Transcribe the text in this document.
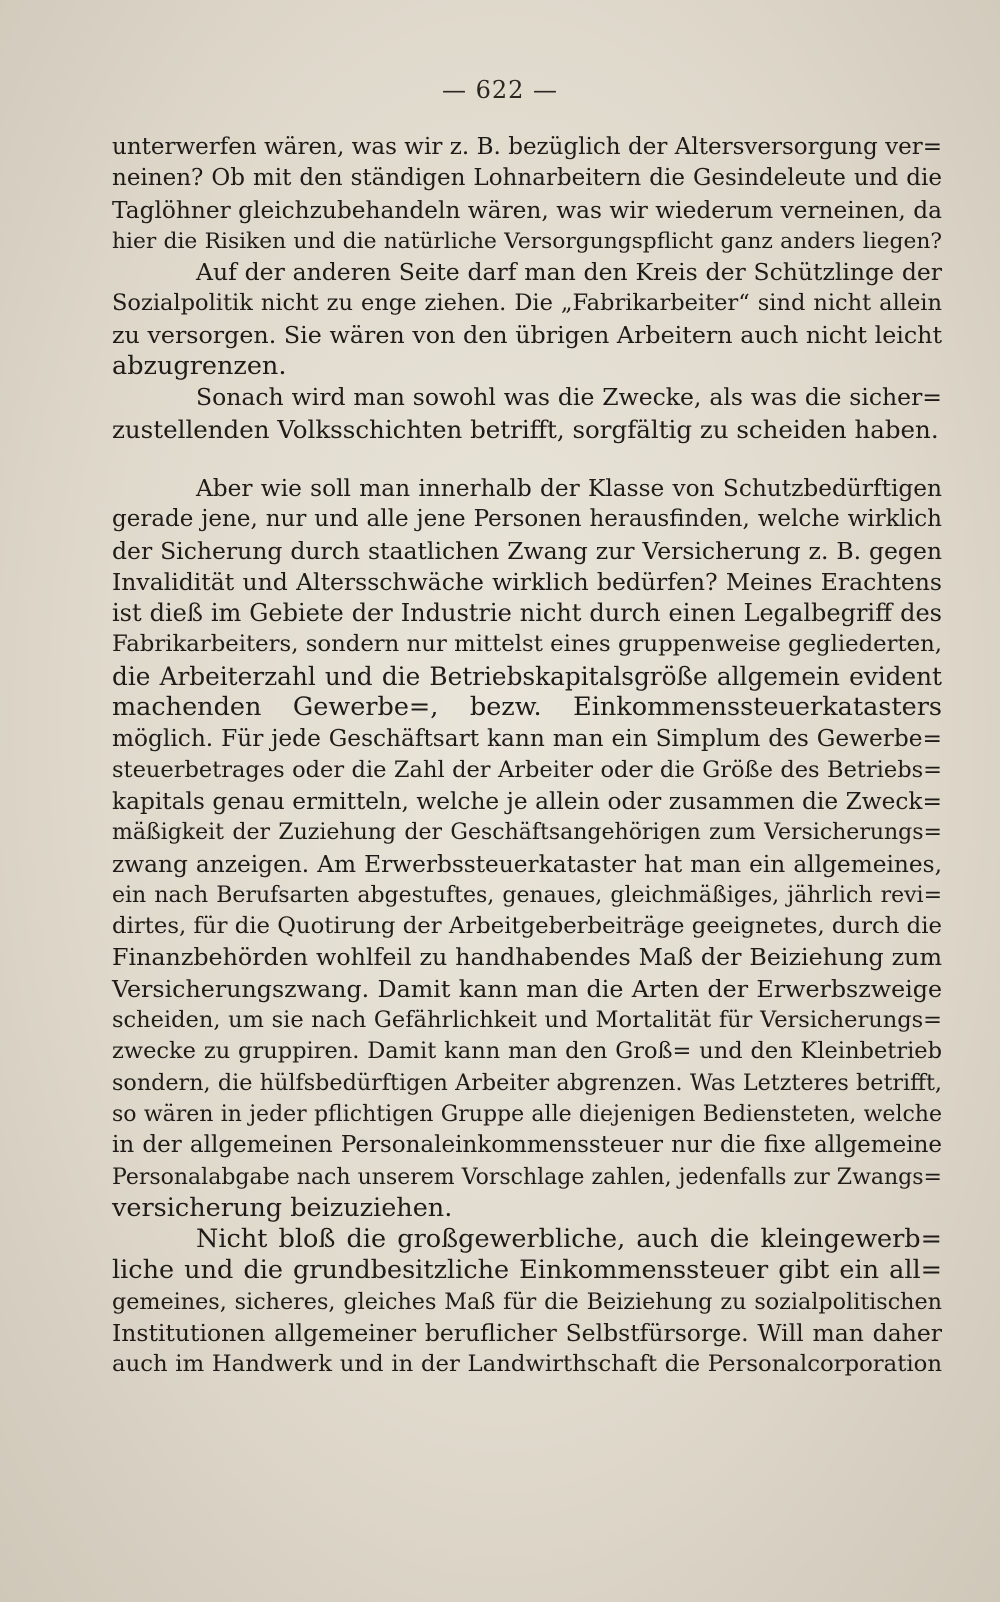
— 622 —
unterwerfen wären, was wir z. B. bezüglich der Altersversorgung ver=
neinen? Ob mit den ständigen Lohnarbeitern die Gesindeleute und die
Taglöhner gleichzubehandeln wären, was wir wiederum verneinen, da
hier die Risiken und die natürliche Versorgungspflicht ganz anders liegen?
Auf der anderen Seite darf man den Kreis der Schützlinge der
Sozialpolitik nicht zu enge ziehen. Die „Fabrikarbeiter“ sind nicht allein
zu versorgen. Sie wären von den übrigen Arbeitern auch nicht leicht
abzugrenzen.
Sonach wird man sowohl was die Zwecke, als was die sicher=
zustellenden Volksschichten betrifft, sorgfältig zu scheiden haben.
Aber wie soll man innerhalb der Klasse von Schutzbedürftigen
gerade jene, nur und alle jene Personen herausfinden, welche wirklich
der Sicherung durch staatlichen Zwang zur Versicherung z. B. gegen
Invalidität und Altersschwäche wirklich bedürfen? Meines Erachtens
ist dieß im Gebiete der Industrie nicht durch einen Legalbegriff des
Fabrikarbeiters, sondern nur mittelst eines gruppenweise gegliederten,
die Arbeiterzahl und die Betriebskapitalsgröße allgemein evident
machenden Gewerbe=, bezw. Einkommenssteuerkatasters
möglich. Für jede Geschäftsart kann man ein Simplum des Gewerbe=
steuerbetrages oder die Zahl der Arbeiter oder die Größe des Betriebs=
kapitals genau ermitteln, welche je allein oder zusammen die Zweck=
mäßigkeit der Zuziehung der Geschäftsangehörigen zum Versicherungs=
zwang anzeigen. Am Erwerbssteuerkataster hat man ein allgemeines,
ein nach Berufsarten abgestuftes, genaues, gleichmäßiges, jährlich revi=
dirtes, für die Quotirung der Arbeitgeberbeiträge geeignetes, durch die
Finanzbehörden wohlfeil zu handhabendes Maß der Beiziehung zum
Versicherungszwang. Damit kann man die Arten der Erwerbszweige
scheiden, um sie nach Gefährlichkeit und Mortalität für Versicherungs=
zwecke zu gruppiren. Damit kann man den Groß= und den Kleinbetrieb
sondern, die hülfsbedürftigen Arbeiter abgrenzen. Was Letzteres betrifft,
so wären in jeder pflichtigen Gruppe alle diejenigen Bediensteten, welche
in der allgemeinen Personaleinkommenssteuer nur die fixe allgemeine
Personalabgabe nach unserem Vorschlage zahlen, jedenfalls zur Zwangs=
versicherung beizuziehen.
Nicht bloß die großgewerbliche, auch die kleingewerb=
liche und die grundbesitzliche Einkommenssteuer gibt ein all=
gemeines, sicheres, gleiches Maß für die Beiziehung zu sozialpolitischen
Institutionen allgemeiner beruflicher Selbstfürsorge. Will man daher
auch im Handwerk und in der Landwirthschaft die Personalcorporation
